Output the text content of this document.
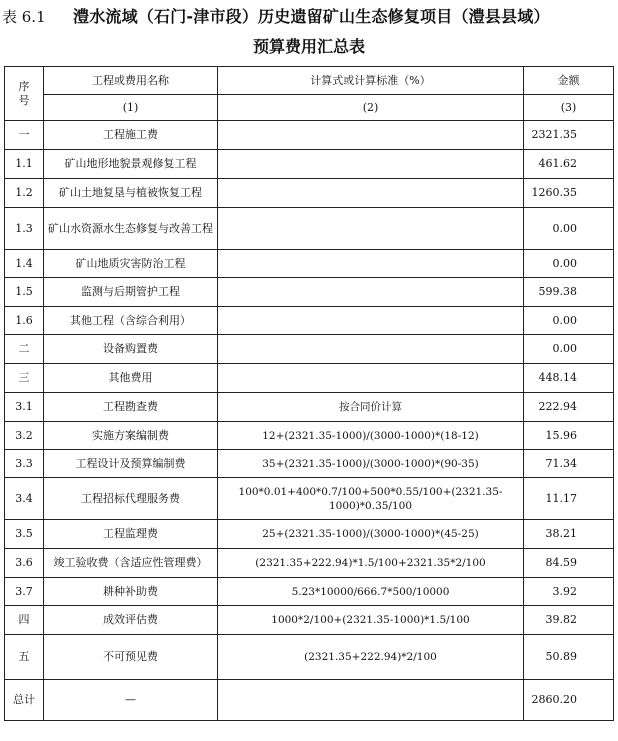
表 6.1 澧水流域（石门-津市段）历史遗留矿山生态修复项目（澧县县域）
预算费用汇总表
序号	工程或费用名称	计算式或计算标准（%）	金额
	(1)	(2)	(3)
一	工程施工费		2321.35
1.1	矿山地形地貌景观修复工程		461.62
1.2	矿山土地复垦与植被恢复工程		1260.35
1.3	矿山水资源水生态修复与改善工程		0.00
1.4	矿山地质灾害防治工程		0.00
1.5	监测与后期管护工程		599.38
1.6	其他工程（含综合利用）		0.00
二	设备购置费		0.00
三	其他费用		448.14
3.1	工程勘查费	按合同价计算	222.94
3.2	实施方案编制费	12+(2321.35-1000)/(3000-1000)*(18-12)	15.96
3.3	工程设计及预算编制费	35+(2321.35-1000)/(3000-1000)*(90-35)	71.34
3.4	工程招标代理服务费	100*0.01+400*0.7/100+500*0.55/100+(2321.35-1000)*0.35/100	11.17
3.5	工程监理费	25+(2321.35-1000)/(3000-1000)*(45-25)	38.21
3.6	竣工验收费（含适应性管理费）	(2321.35+222.94)*1.5/100+2321.35*2/100	84.59
3.7	耕种补助费	5.23*10000/666.7*500/10000	3.92
四	成效评估费	1000*2/100+(2321.35-1000)*1.5/100	39.82
五	不可预见费	(2321.35+222.94)*2/100	50.89
总计	—		2860.20
